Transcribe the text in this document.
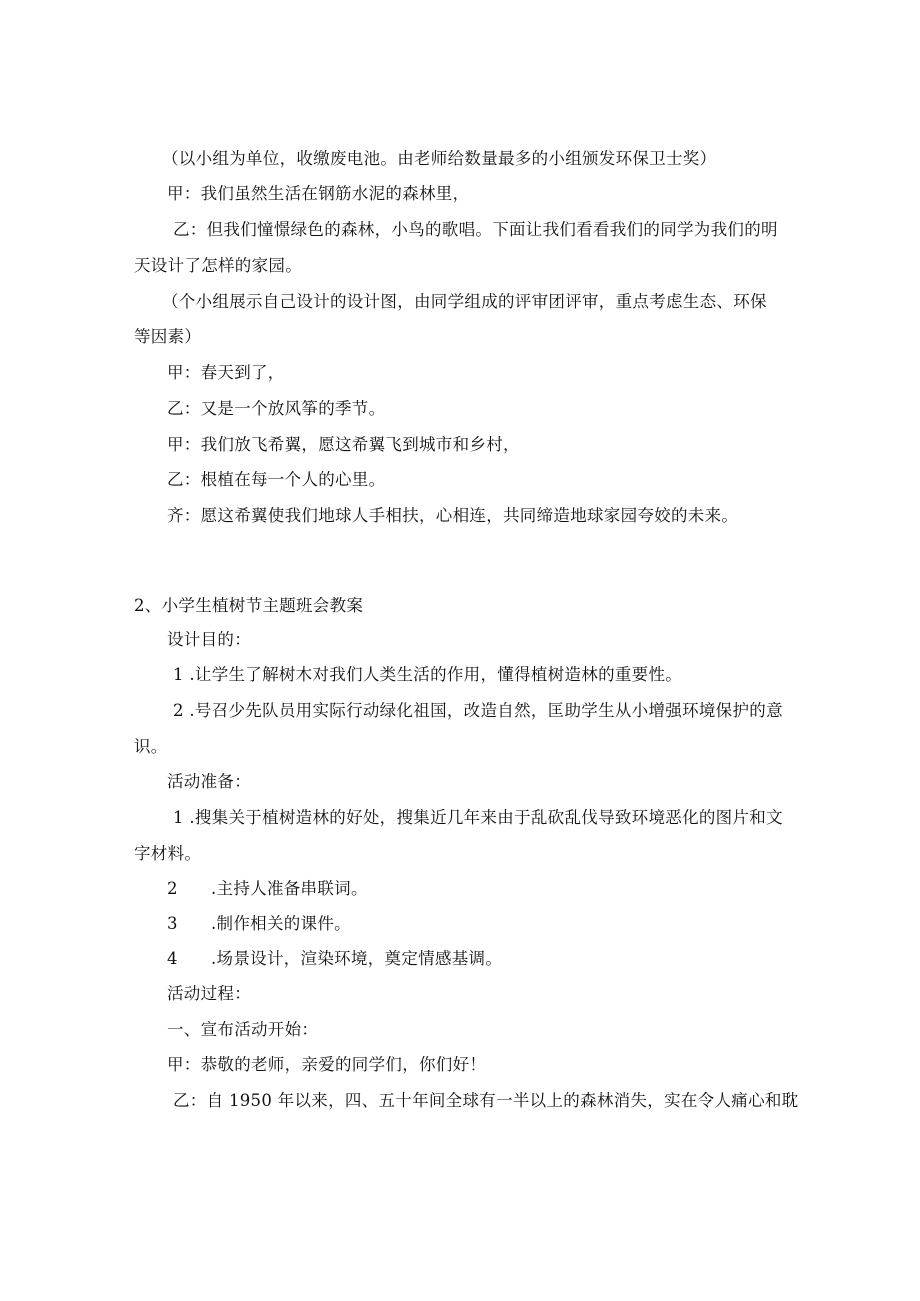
（以小组为单位，收缴废电池。由老师给数量最多的小组颁发环保卫士奖）
甲：我们虽然生活在钢筋水泥的森林里，
乙：但我们憧憬绿色的森林，小鸟的歌唱。下面让我们看看我们的同学为我们的明
天设计了怎样的家园。
（个小组展示自己设计的设计图，由同学组成的评审团评审，重点考虑生态、环保
等因素）
甲：春天到了，
乙：又是一个放风筝的季节。
甲：我们放飞希翼，愿这希翼飞到城市和乡村，
乙：根植在每一个人的心里。
齐：愿这希翼使我们地球人手相扶，心相连，共同缔造地球家园夸姣的未来。
2、小学生植树节主题班会教案
设计目的：
1 .让学生了解树木对我们人类生活的作用，懂得植树造林的重要性。
2 .号召少先队员用实际行动绿化祖国，改造自然，匡助学生从小增强环境保护的意
识。
活动准备：
1 .搜集关于植树造林的好处，搜集近几年来由于乱砍乱伐导致环境恶化的图片和文
字材料。
2 .主持人准备串联词。
3 .制作相关的课件。
4 .场景设计，渲染环境，奠定情感基调。
活动过程：
一、宣布活动开始：
甲：恭敬的老师，亲爱的同学们，你们好！
乙：自 1950 年以来，四、五十年间全球有一半以上的森林消失，实在令人痛心和耽
